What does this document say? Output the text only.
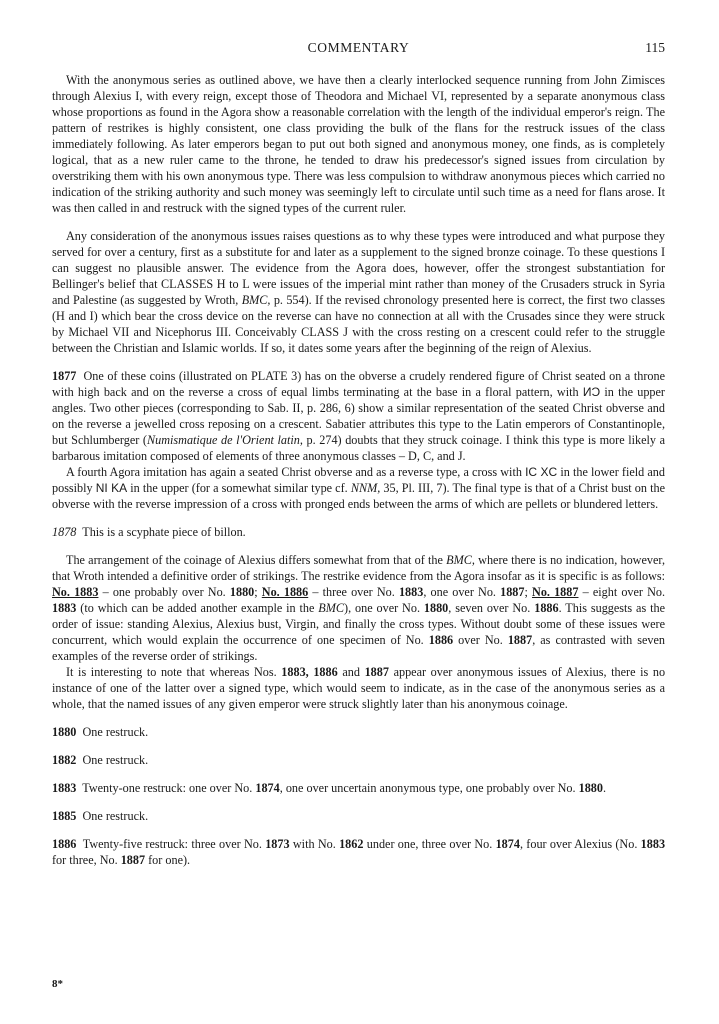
COMMENTARY	115

With the anonymous series as outlined above, we have then a clearly interlocked sequence running from John Zimisces through Alexius I, with every reign, except those of Theodora and Michael VI, represented by a separate anonymous class whose proportions as found in the Agora show a reasonable correlation with the length of the individual emperor's reign. The pattern of restrikes is highly consistent, one class providing the bulk of the flans for the restruck issues of the class immediately following. As later emperors began to put out both signed and anonymous money, one finds, as is completely logical, that as a new ruler came to the throne, he tended to draw his predecessor's signed issues from circulation by overstriking them with his own anonymous type. There was less compulsion to withdraw anonymous pieces which carried no indication of the striking authority and such money was seemingly left to circulate until such time as a need for flans arose. It was then called in and restruck with the signed types of the current ruler.

Any consideration of the anonymous issues raises questions as to why these types were introduced and what purpose they served for over a century, first as a substitute for and later as a supplement to the signed bronze coinage. To these questions I can suggest no plausible answer. The evidence from the Agora does, however, offer the strongest substantiation for Bellinger's belief that CLASSES H to L were issues of the imperial mint rather than money of the Crusaders struck in Syria and Palestine (as suggested by Wroth, BMC, p. 554). If the revised chronology presented here is correct, the first two classes (H and I) which bear the cross device on the reverse can have no connection at all with the Crusades since they were struck by Michael VII and Nicephorus III. Conceivably CLASS J with the cross resting on a crescent could refer to the struggle between the Christian and Islamic worlds. If so, it dates some years after the beginning of the reign of Alexius.

1877 One of these coins (illustrated on PLATE 3) has on the obverse a crudely rendered figure of Christ seated on a throne with high back and on the reverse a cross of equal limbs terminating at the base in a floral pattern, with ИƆ in the upper angles. Two other pieces (corresponding to Sab. II, p. 286, 6) show a similar representation of the seated Christ obverse and on the reverse a jewelled cross reposing on a crescent. Sabatier attributes this type to the Latin emperors of Constantinople, but Schlumberger (Numismatique de l'Orient latin, p. 274) doubts that they struck coinage. I think this type is more likely a barbarous imitation composed of elements of three anonymous classes – D, C, and J.

A fourth Agora imitation has again a seated Christ obverse and as a reverse type, a cross with IC XC in the lower field and possibly NI KA in the upper (for a somewhat similar type cf. NNM, 35, Pl. III, 7). The final type is that of a Christ bust on the obverse with the reverse impression of a cross with pronged ends between the arms of which are pellets or blundered letters.

1878 This is a scyphate piece of billon.

The arrangement of the coinage of Alexius differs somewhat from that of the BMC, where there is no indication, however, that Wroth intended a definitive order of strikings. The restrike evidence from the Agora insofar as it is specific is as follows: No. 1883 – one probably over No. 1880; No. 1886 – three over No. 1883, one over No. 1887; No. 1887 – eight over No. 1883 (to which can be added another example in the BMC), one over No. 1880, seven over No. 1886. This suggests as the order of issue: standing Alexius, Alexius bust, Virgin, and finally the cross types. Without doubt some of these issues were concurrent, which would explain the occurrence of one specimen of No. 1886 over No. 1887, as contrasted with seven examples of the reverse order of strikings.

It is interesting to note that whereas Nos. 1883, 1886 and 1887 appear over anonymous issues of Alexius, there is no instance of one of the latter over a signed type, which would seem to indicate, as in the case of the anonymous series as a whole, that the named issues of any given emperor were struck slightly later than his anonymous coinage.

1880 One restruck.

1882 One restruck.

1883 Twenty-one restruck: one over No. 1874, one over uncertain anonymous type, one probably over No. 1880.

1885 One restruck.

1886 Twenty-five restruck: three over No. 1873 with No. 1862 under one, three over No. 1874, four over Alexius (No. 1883 for three, No. 1887 for one).

8*
